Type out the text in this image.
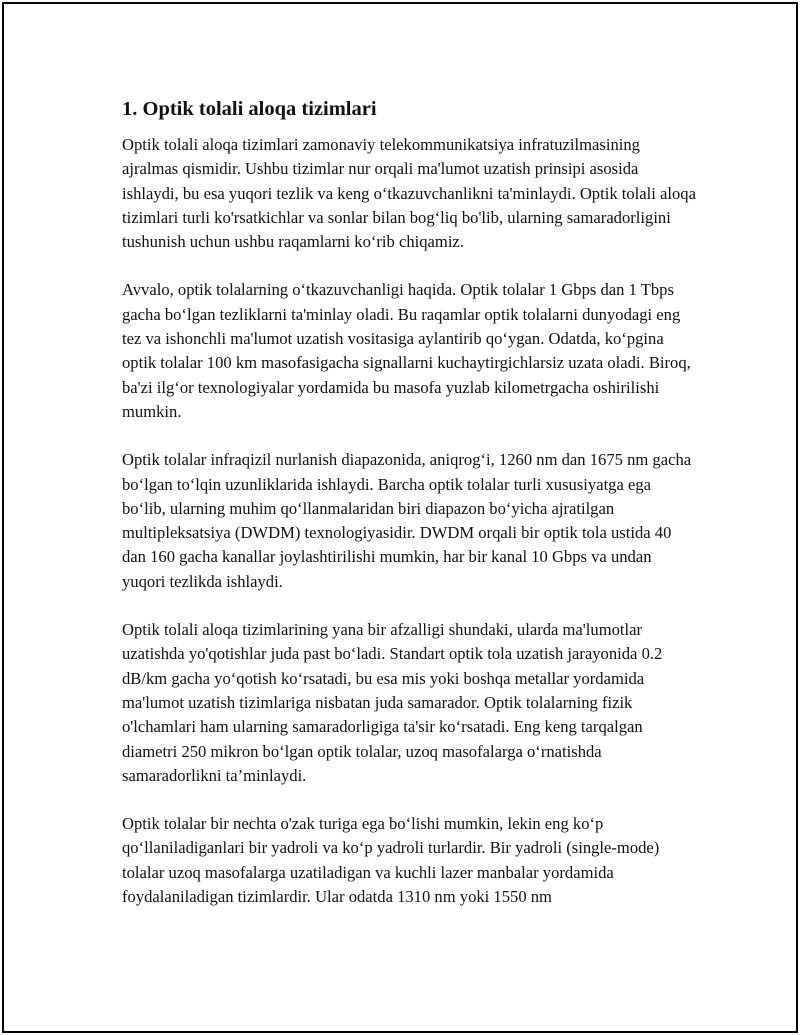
1. Optik tolali aloqa tizimlari

Optik tolali aloqa tizimlari zamonaviy telekommunikatsiya infratuzilmasining ajralmas qismidir. Ushbu tizimlar nur orqali ma'lumot uzatish prinsipi asosida ishlaydi, bu esa yuqori tezlik va keng o‘tkazuvchanlikni ta'minlaydi. Optik tolali aloqa tizimlari turli ko'rsatkichlar va sonlar bilan bog‘liq bo'lib, ularning samaradorligini tushunish uchun ushbu raqamlarni ko‘rib chiqamiz.

Avvalo, optik tolalarning o‘tkazuvchanligi haqida. Optik tolalar 1 Gbps dan 1 Tbps gacha bo‘lgan tezliklarni ta'minlay oladi. Bu raqamlar optik tolalarni dunyodagi eng tez va ishonchli ma'lumot uzatish vositasiga aylantirib qo‘ygan. Odatda, ko‘pgina optik tolalar 100 km masofasigacha signallarni kuchaytirgichlarsiz uzata oladi. Biroq, ba'zi ilg‘or texnologiyalar yordamida bu masofa yuzlab kilometrgacha oshirilishi mumkin.

Optik tolalar infraqizil nurlanish diapazonida, aniqrog‘i, 1260 nm dan 1675 nm gacha bo‘lgan to‘lqin uzunliklarida ishlaydi. Barcha optik tolalar turli xususiyatga ega bo‘lib, ularning muhim qo‘llanmalaridan biri diapazon bo‘yicha ajratilgan multipleksatsiya (DWDM) texnologiyasidir. DWDM orqali bir optik tola ustida 40 dan 160 gacha kanallar joylashtirilishi mumkin, har bir kanal 10 Gbps va undan yuqori tezlikda ishlaydi.

Optik tolali aloqa tizimlarining yana bir afzalligi shundaki, ularda ma'lumotlar uzatishda yo'qotishlar juda past bo‘ladi. Standart optik tola uzatish jarayonida 0.2 dB/km gacha yo‘qotish ko‘rsatadi, bu esa mis yoki boshqa metallar yordamida ma'lumot uzatish tizimlariga nisbatan juda samarador. Optik tolalarning fizik o'lchamlari ham ularning samaradorligiga ta'sir ko‘rsatadi. Eng keng tarqalgan diametri 250 mikron bo‘lgan optik tolalar, uzoq masofalarga o‘rnatishda samaradorlikni ta’minlaydi.

Optik tolalar bir nechta o'zak turiga ega bo‘lishi mumkin, lekin eng ko‘p qo‘llaniladiganlari bir yadroli va ko‘p yadroli turlardir. Bir yadroli (single-mode) tolalar uzoq masofalarga uzatiladigan va kuchli lazer manbalar yordamida foydalaniladigan tizimlardir. Ular odatda 1310 nm yoki 1550 nm
